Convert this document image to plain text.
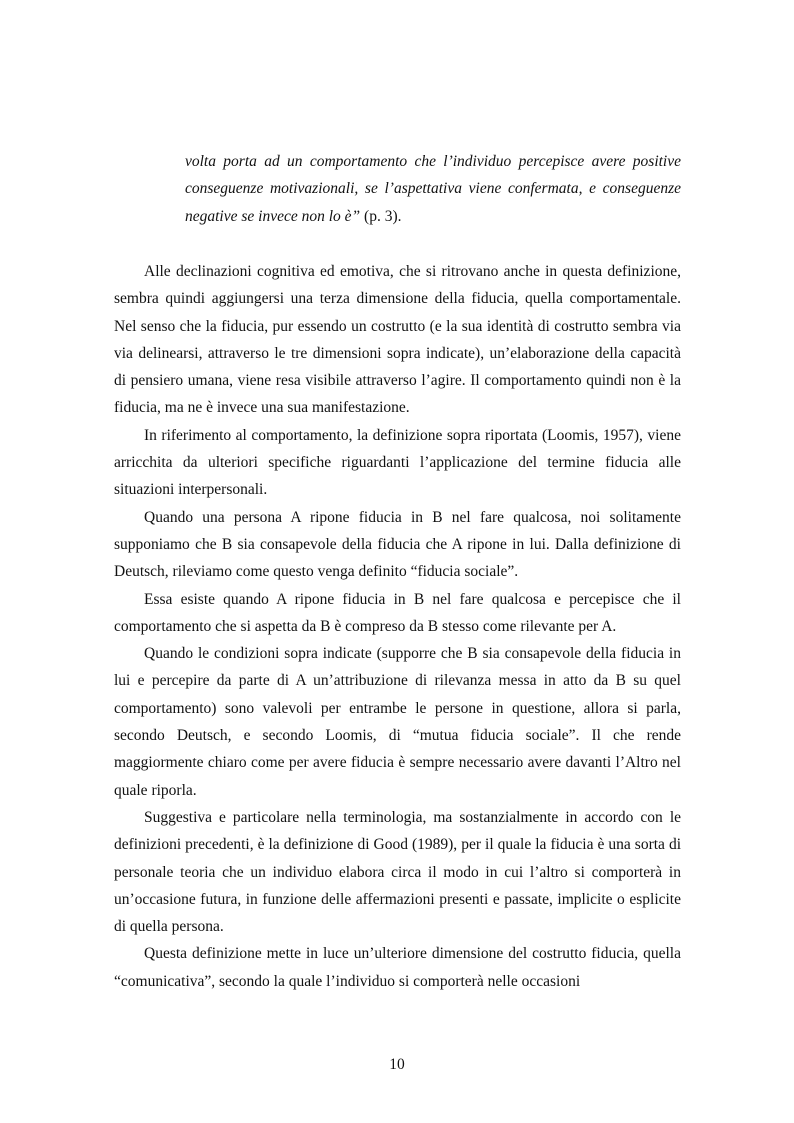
volta porta ad un comportamento che l’individuo percepisce avere positive conseguenze motivazionali, se l’aspettativa viene confermata, e conseguenze negative se invece non lo è” (p. 3).

Alle declinazioni cognitiva ed emotiva, che si ritrovano anche in questa definizione, sembra quindi aggiungersi una terza dimensione della fiducia, quella comportamentale. Nel senso che la fiducia, pur essendo un costrutto (e la sua identità di costrutto sembra via via delinearsi, attraverso le tre dimensioni sopra indicate), un’elaborazione della capacità di pensiero umana, viene resa visibile attraverso l’agire. Il comportamento quindi non è la fiducia, ma ne è invece una sua manifestazione.

In riferimento al comportamento, la definizione sopra riportata (Loomis, 1957), viene arricchita da ulteriori specifiche riguardanti l’applicazione del termine fiducia alle situazioni interpersonali.

Quando una persona A ripone fiducia in B nel fare qualcosa, noi solitamente supponiamo che B sia consapevole della fiducia che A ripone in lui. Dalla definizione di Deutsch, rileviamo come questo venga definito “fiducia sociale”.

Essa esiste quando A ripone fiducia in B nel fare qualcosa e percepisce che il comportamento che si aspetta da B è compreso da B stesso come rilevante per A.

Quando le condizioni sopra indicate (supporre che B sia consapevole della fiducia in lui e percepire da parte di A un’attribuzione di rilevanza messa in atto da B su quel comportamento) sono valevoli per entrambe le persone in questione, allora si parla, secondo Deutsch, e secondo Loomis, di “mutua fiducia sociale”. Il che rende maggiormente chiaro come per avere fiducia è sempre necessario avere davanti l’Altro nel quale riporla.

Suggestiva e particolare nella terminologia, ma sostanzialmente in accordo con le definizioni precedenti, è la definizione di Good (1989), per il quale la fiducia è una sorta di personale teoria che un individuo elabora circa il modo in cui l’altro si comporterà in un’occasione futura, in funzione delle affermazioni presenti e passate, implicite o esplicite di quella persona.

Questa definizione mette in luce un’ulteriore dimensione del costrutto fiducia, quella “comunicativa”, secondo la quale l’individuo si comporterà nelle occasioni

10
